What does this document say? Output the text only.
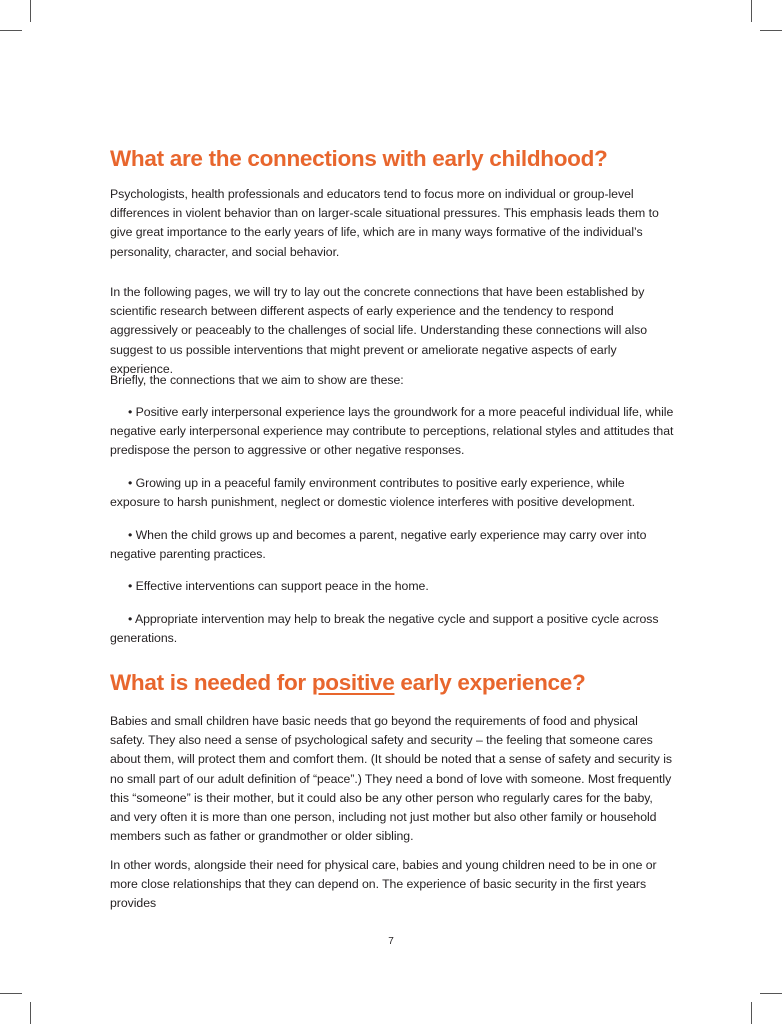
What are the connections with early childhood?

Psychologists, health professionals and educators tend to focus more on individual or group-level differences in violent behavior than on larger-scale situational pressures. This emphasis leads them to give great importance to the early years of life, which are in many ways formative of the individual’s personality, character, and social behavior.

In the following pages, we will try to lay out the concrete connections that have been established by scientific research between different aspects of early experience and the tendency to respond aggressively or peaceably to the challenges of social life. Understanding these connections will also suggest to us possible interventions that might prevent or ameliorate negative aspects of early experience.

Briefly, the connections that we aim to show are these:

• Positive early interpersonal experience lays the groundwork for a more peaceful individual life, while negative early interpersonal experience may contribute to perceptions, relational styles and attitudes that predispose the person to aggressive or other negative responses.

• Growing up in a peaceful family environment contributes to positive early experience, while exposure to harsh punishment, neglect or domestic violence interferes with positive development.

• When the child grows up and becomes a parent, negative early experience may carry over into negative parenting practices.

• Effective interventions can support peace in the home.

• Appropriate intervention may help to break the negative cycle and support a positive cycle across generations.

What is needed for positive early experience?

Babies and small children have basic needs that go beyond the requirements of food and physical safety. They also need a sense of psychological safety and security – the feeling that someone cares about them, will protect them and comfort them. (It should be noted that a sense of safety and security is no small part of our adult definition of “peace”.) They need a bond of love with someone. Most frequently this “someone” is their mother, but it could also be any other person who regularly cares for the baby, and very often it is more than one person, including not just mother but also other family or household members such as father or grandmother or older sibling.

In other words, alongside their need for physical care, babies and young children need to be in one or more close relationships that they can depend on. The experience of basic security in the first years provides

7
